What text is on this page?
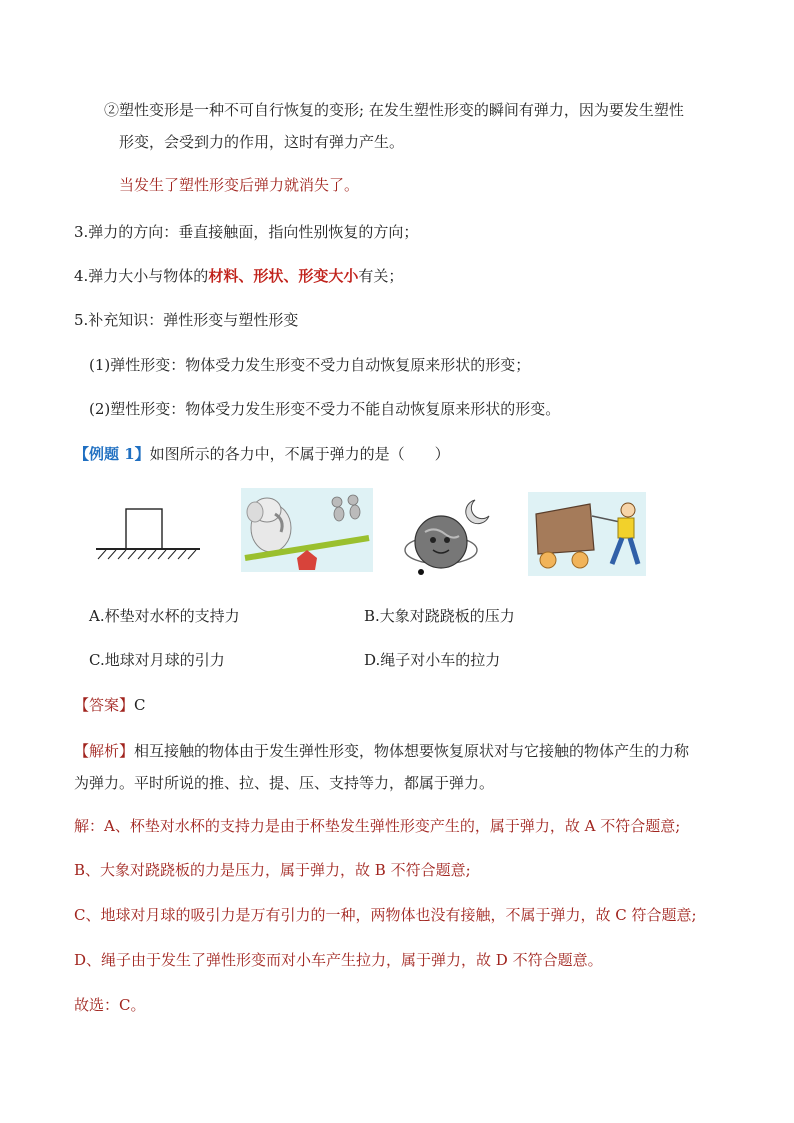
②塑性变形是一种不可自行恢复的变形; 在发生塑性形变的瞬间有弹力，因为要发生塑性
形变，会受到力的作用，这时有弹力产生。
当发生了塑性形变后弹力就消失了。
3.弹力的方向：垂直接触面，指向性别恢复的方向；
4.弹力大小与物体的材料、形状、形变大小有关；
5.补充知识：弹性形变与塑性形变
(1)弹性形变：物体受力发生形变不受力自动恢复原来形状的形变；
(2)塑性形变：物体受力发生形变不受力不能自动恢复原来形状的形变。
【例题 1】如图所示的各力中，不属于弹力的是（　　）
A.杯垫对水杯的支持力	B.大象对跷跷板的压力
C.地球对月球的引力	D.绳子对小车的拉力
【答案】C
【解析】相互接触的物体由于发生弹性形变，物体想要恢复原状对与它接触的物体产生的力称
为弹力。平时所说的推、拉、提、压、支持等力，都属于弹力。
解：A、杯垫对水杯的支持力是由于杯垫发生弹性形变产生的，属于弹力，故 A 不符合题意;
B、大象对跷跷板的力是压力，属于弹力，故 B 不符合题意;
C、地球对月球的吸引力是万有引力的一种，两物体也没有接触，不属于弹力，故 C 符合题意;
D、绳子由于发生了弹性形变而对小车产生拉力，属于弹力，故 D 不符合题意。
故选：C。
